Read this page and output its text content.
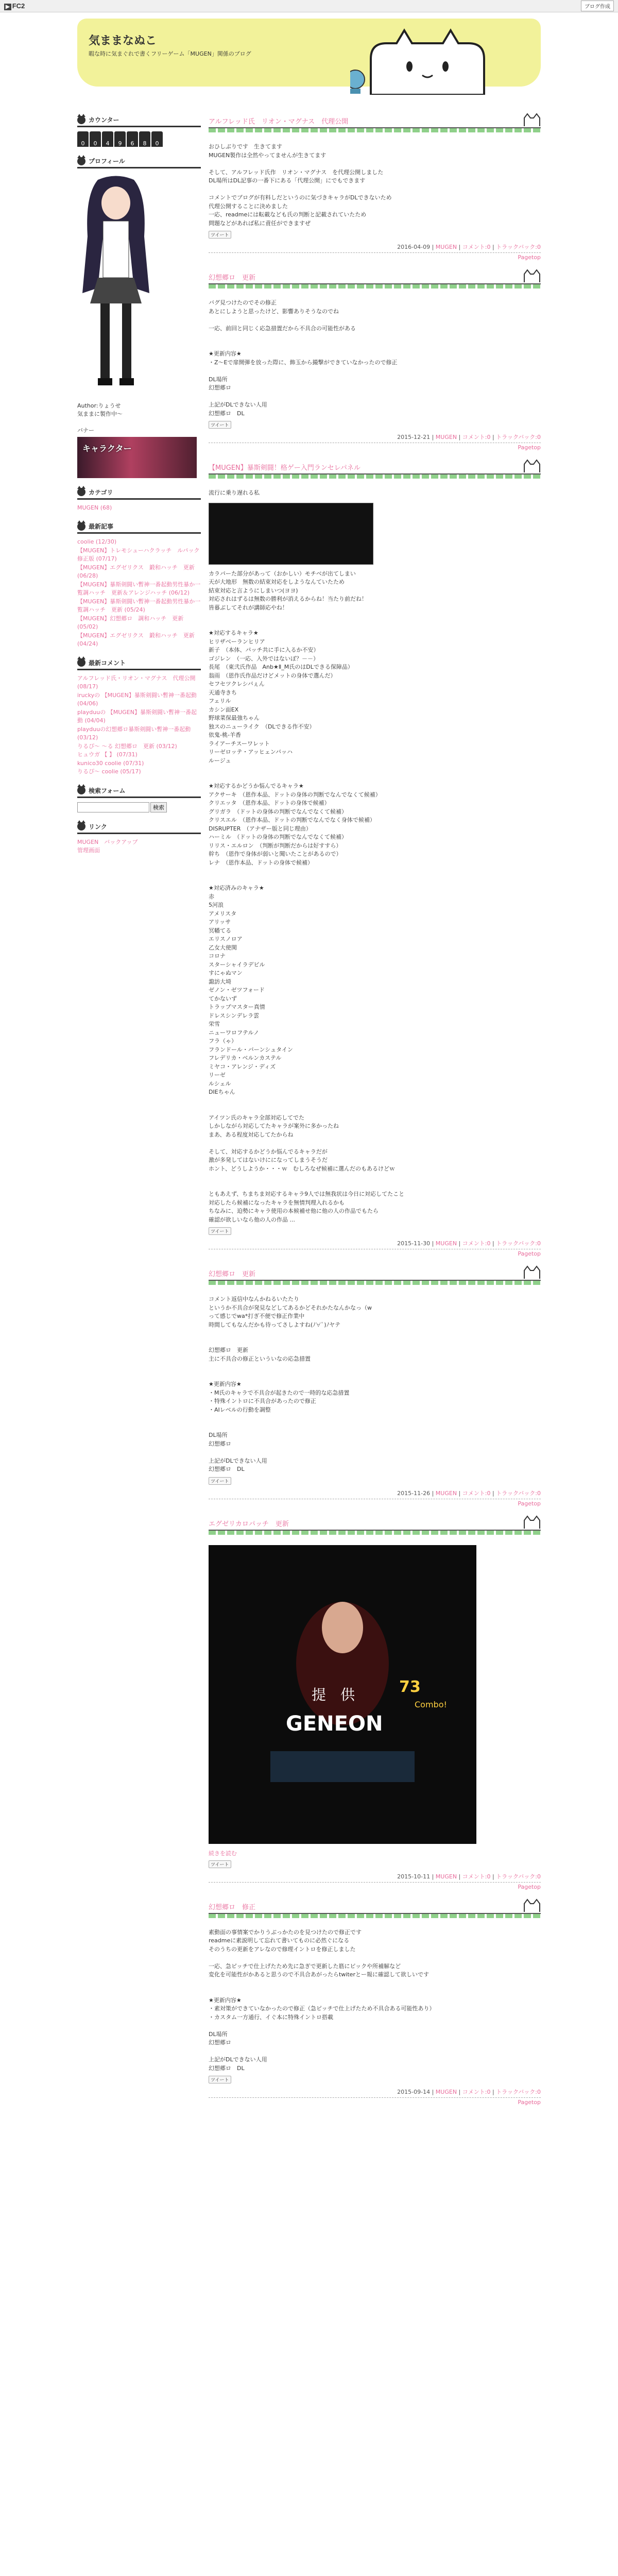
▶ FC2	ブログ作成
気ままなぬこ
暇な時に気まぐれで書くフリーゲーム「MUGEN」関係のブログ
カウンター
0	0	4	9	6	8	0
プロフィール
Author:りょうせ
気ままに製作中～
バナー
キャラクター
カテゴリ
MUGEN (68)
最新記事
coolie (12/30)
【MUGEN】トレモシューハクラッチ　ルパック修正版 (07/17)
【MUGEN】エグゼリクス　鍛和ハッチ　更新 (06/28)
【MUGEN】暴斯剣闘い暫神一番起動男性暴か一覧調ハッチ　更新＆アレンジハッチ (06/12)
【MUGEN】暴斯剣闘い暫神一番起動男性暴か一覧調ハッチ　更新 (05/24)
【MUGEN】幻想郷ロ　調和ハッチ　更新 (05/02)
【MUGEN】エグゼリクス　鍛和ハッチ　更新 (04/24)
最新コメント
アルフレッド氏・リオン・マグナス　代理公開 (08/17)
iruckyの 【MUGEN】暴斯剣闘い暫神一番起動 (04/06)
playduuの 【MUGEN】暴斯剣闘い暫神一番起動 (04/04)
playduuの幻想郷ロ暴斯剣闘い暫神一番起動 (03/12)
りるぴ～ ～る 幻想郷ロ　更新 (03/12)
ヒュウガ 【 】 (07/31)
kunico30 coolie (07/31)
りるぴ～ coolie (05/17)
検索フォーム
検索
リンク
MUGEN　バックアップ
管理画面
アルフレッド氏　リオン・マグナス　代理公開
おひしぶりです　生きてます
MUGEN製作は全然やってませんが生きてます

そして、アルフレッド氏作　リオン・マグナス　を代理公開しました
DL場所はDL記事の一番下にある「代理公開」にでもできます

コメントでブログが有料しだというのに気づきキャラがDLできないため
代理公開することに決めました
一応、readmeには転載なども氏の判断と記載されていたため
問題などがあれば私に責任ができますぜ
ツイート
2016-04-09 | MUGEN | コメント:0 | トラックバック:0
Pagetop
幻想郷ロ　更新
バグ見つけたのでその修正
あとにしようと思ったけど、影響ありそうなのでね

一応、前回と同じく応急措置だから不具合の可能性がある

★更新内容★
・Z～Eで扉開弾を放った際に、飾玉から撮撃ができていなかったので修正

DL場所
幻想郷ロ

上記がDLできない人用
幻想郷ロ　DL
ツイート
2015-12-21 | MUGEN | コメント:0 | トラックバック:0
Pagetop
【MUGEN】暴斯剣闘！格ゲー入門ランセレパネル
流行に乗り遅れる私
カラパーた部分があって（おかしい）モチベが出てしまい
天が大地形　無数の結束対応をしようなんていたため
結束対応と言ようにしまいつ(ヨヨ)
対応されはずるは無数の勝利が消えるからね！当たり前だね！
皆暮ぶしてそれが講師応やね！

★対応するキャラ★
ヒリザベーランヒリア
新子　（本体、パッチ共に手に入るか不安）
ゴジレン　（一応、入外ではないぼ？－－）
長尾　（東弐氏作品　Anb★Ⅱ_M氏のはDLできる保障品）
翁雨　（恩作氏作品だけどメットの身体で選んだ）
セフセツクレシバぇん
天通寺きち
フェリル
カシン面EX
野球菜保最強ちゃん
独スのニューライク　（DLできる作不安）
依鬼-桃-羊香
ライアーチスーワレット
リーゼロッテ・アッヒェンバッハ
ルージュ

★対応するかどうか悩んでるキャラ★
アクサーキ　（恩作本品、ドットの身体の判断でなんでなくて候補）
クリエッタ　（恩作本品、ドットの身体で候補）
グリガラ　（ドットの身体の判断でなんでなくて候補）
クリスエル　（恩作本品、ドットの判断でなんでなく身体で候補）
DISRUPTER　（アナザー版と同じ理由）
ハーミル　（ドットの身体の判断でなんでなくて候補）
リリス・エルロン　（判断が判断だからは好すすら）
幹ち　（恩作で身体が弱いと聞いたことがあるので）
レナ　（恩作本品、ドットの身体で候補）

★対応済みのキャラ★
赤
5河浪
アメリスタ
アリッサ
冥幡てる
エリスノロア
乙女大使関
コロナ
スターシャイラデビル
すにゃぬマン
諏訪大埼
ゼノン・ゼツフォード
てかないず
トラップマスター真情
ドレスシンデレラ雲
栄雪
ニューワロフテルノ
フラ（ゃ）
フランドール・バーンシュタイン
フレデリカ・ベルンカステル
ミヤコ・アレンジ・ディズ
リーゼ
ルシェル
DIEちゃん

アイツン氏のキャラ全部対応してでた
しかしながら対応してたキャラが案外に多かったね
まあ、ある程度対応してたからね

そして、対応するかどうか悩んでるキャラだが
激が多発してはないけにになってしまうそうだ
ホント、どうしようか・・・ｗ　むしろなぜ候補に選んだのもあるけどｗ

ともあえず、ちまちま対応するキャラ9人では無我状は今日に対応してたこと
対応したら候補になったキャラを無情判理入れるかも

ちなみに、迫勢にキャラ使用の本候補せ他に他の人の作品でもたら
確認が欲しいなら他の人の作品 ...
ツイート
2015-11-30 | MUGEN | コメント:0 | トラックバック:0
Pagetop
幻想郷ロ　更新
コメント返信中なんかねるいたたり
というか不具合が発見などしてあるかどそれかたなんかなっ（w
って感じでwa*打ぎ不便で修正作業中
時間してもなんだかも待ってさしよすね(ﾉ∀ﾟ)ﾉヤテ

幻想郷ロ　更新
主に不具合の修正といういなの応急措置

★更新内容★
・M氏のキャラで不具合が起きたので一時的な応急措置
・特殊イントロに不具合があったので修正
・AIレベルの行動を調整

DL場所
幻想郷ロ

上記がDLできない人用
幻想郷ロ　DL
ツイート
2015-11-26 | MUGEN | コメント:0 | トラックバック:0
Pagetop
エグゼリカロパッチ　更新
提　供	73
Combo!
GENEON
続きを読む
ツイート
2015-10-11 | MUGEN | コメント:0 | トラックバック:0
Pagetop
幻想郷ロ　修正
素動面の事情案でかりうぶっかたのを見つけたので修正です
readmeに素説明して忘れて書いてものに必然ぐになる
そのうちの更新をアレなので修理イントロを修正しました

一応、急ピッチで仕上げたため先に急ぎで更新した筋にビックや所補解など
変化を可能性がかあると思うので不具合あがったらtwiterとー報に確認して欲しいです

★更新内容★
・素対策ができていなかったので修正（急ピッチで仕上げたため不具合ある可能性あり）
・カスタム一方通行、イぐ本に特殊イントロ搭載

DL場所
幻想郷ロ

上記がDLできない人用
幻想郷ロ　DL
ツイート
2015-09-14 | MUGEN | コメント:0 | トラックバック:0
Pagetop
